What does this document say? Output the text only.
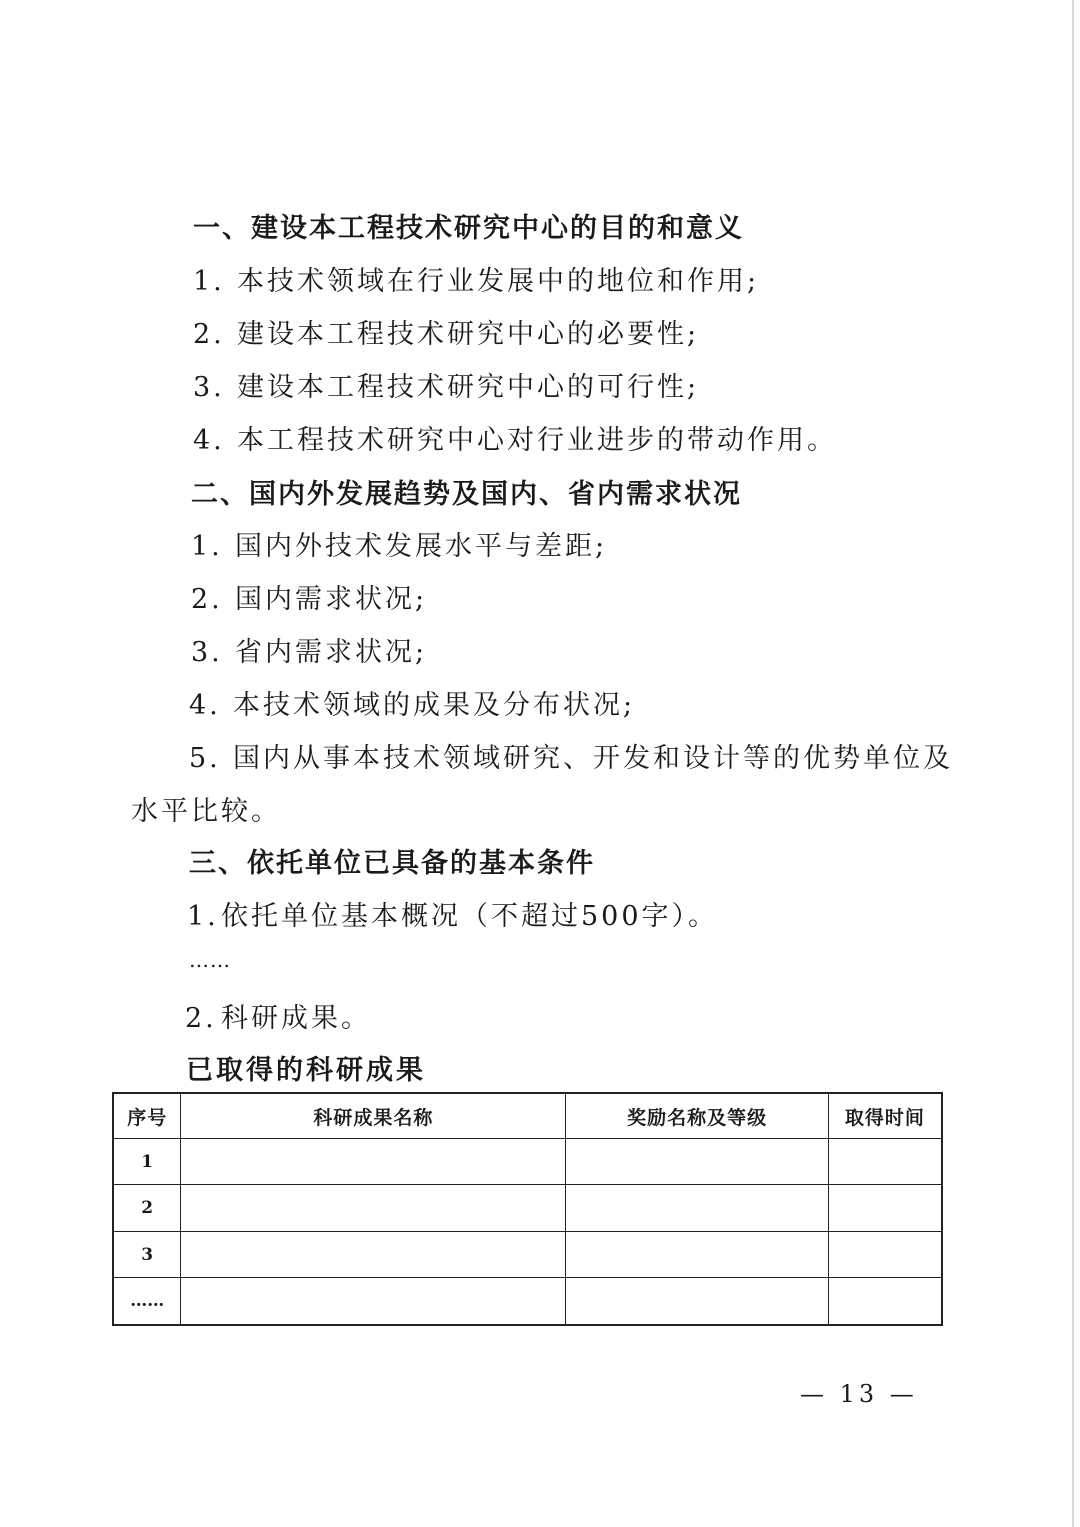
一、建设本工程技术研究中心的目的和意义
1. 本技术领域在行业发展中的地位和作用;
2. 建设本工程技术研究中心的必要性;
3. 建设本工程技术研究中心的可行性;
4. 本工程技术研究中心对行业进步的带动作用。
二、国内外发展趋势及国内、省内需求状况
1. 国内外技术发展水平与差距;
2. 国内需求状况;
3. 省内需求状况;
4. 本技术领域的成果及分布状况;
5. 国内从事本技术领域研究、开发和设计等的优势单位及
水平比较。
三、依托单位已具备的基本条件
1.依托单位基本概况（不超过500字）。
……
2. 科研成果。
已取得的科研成果
序号	科研成果名称	奖励名称及等级	取得时间
1			
2			
3			
……			
— 13 —
